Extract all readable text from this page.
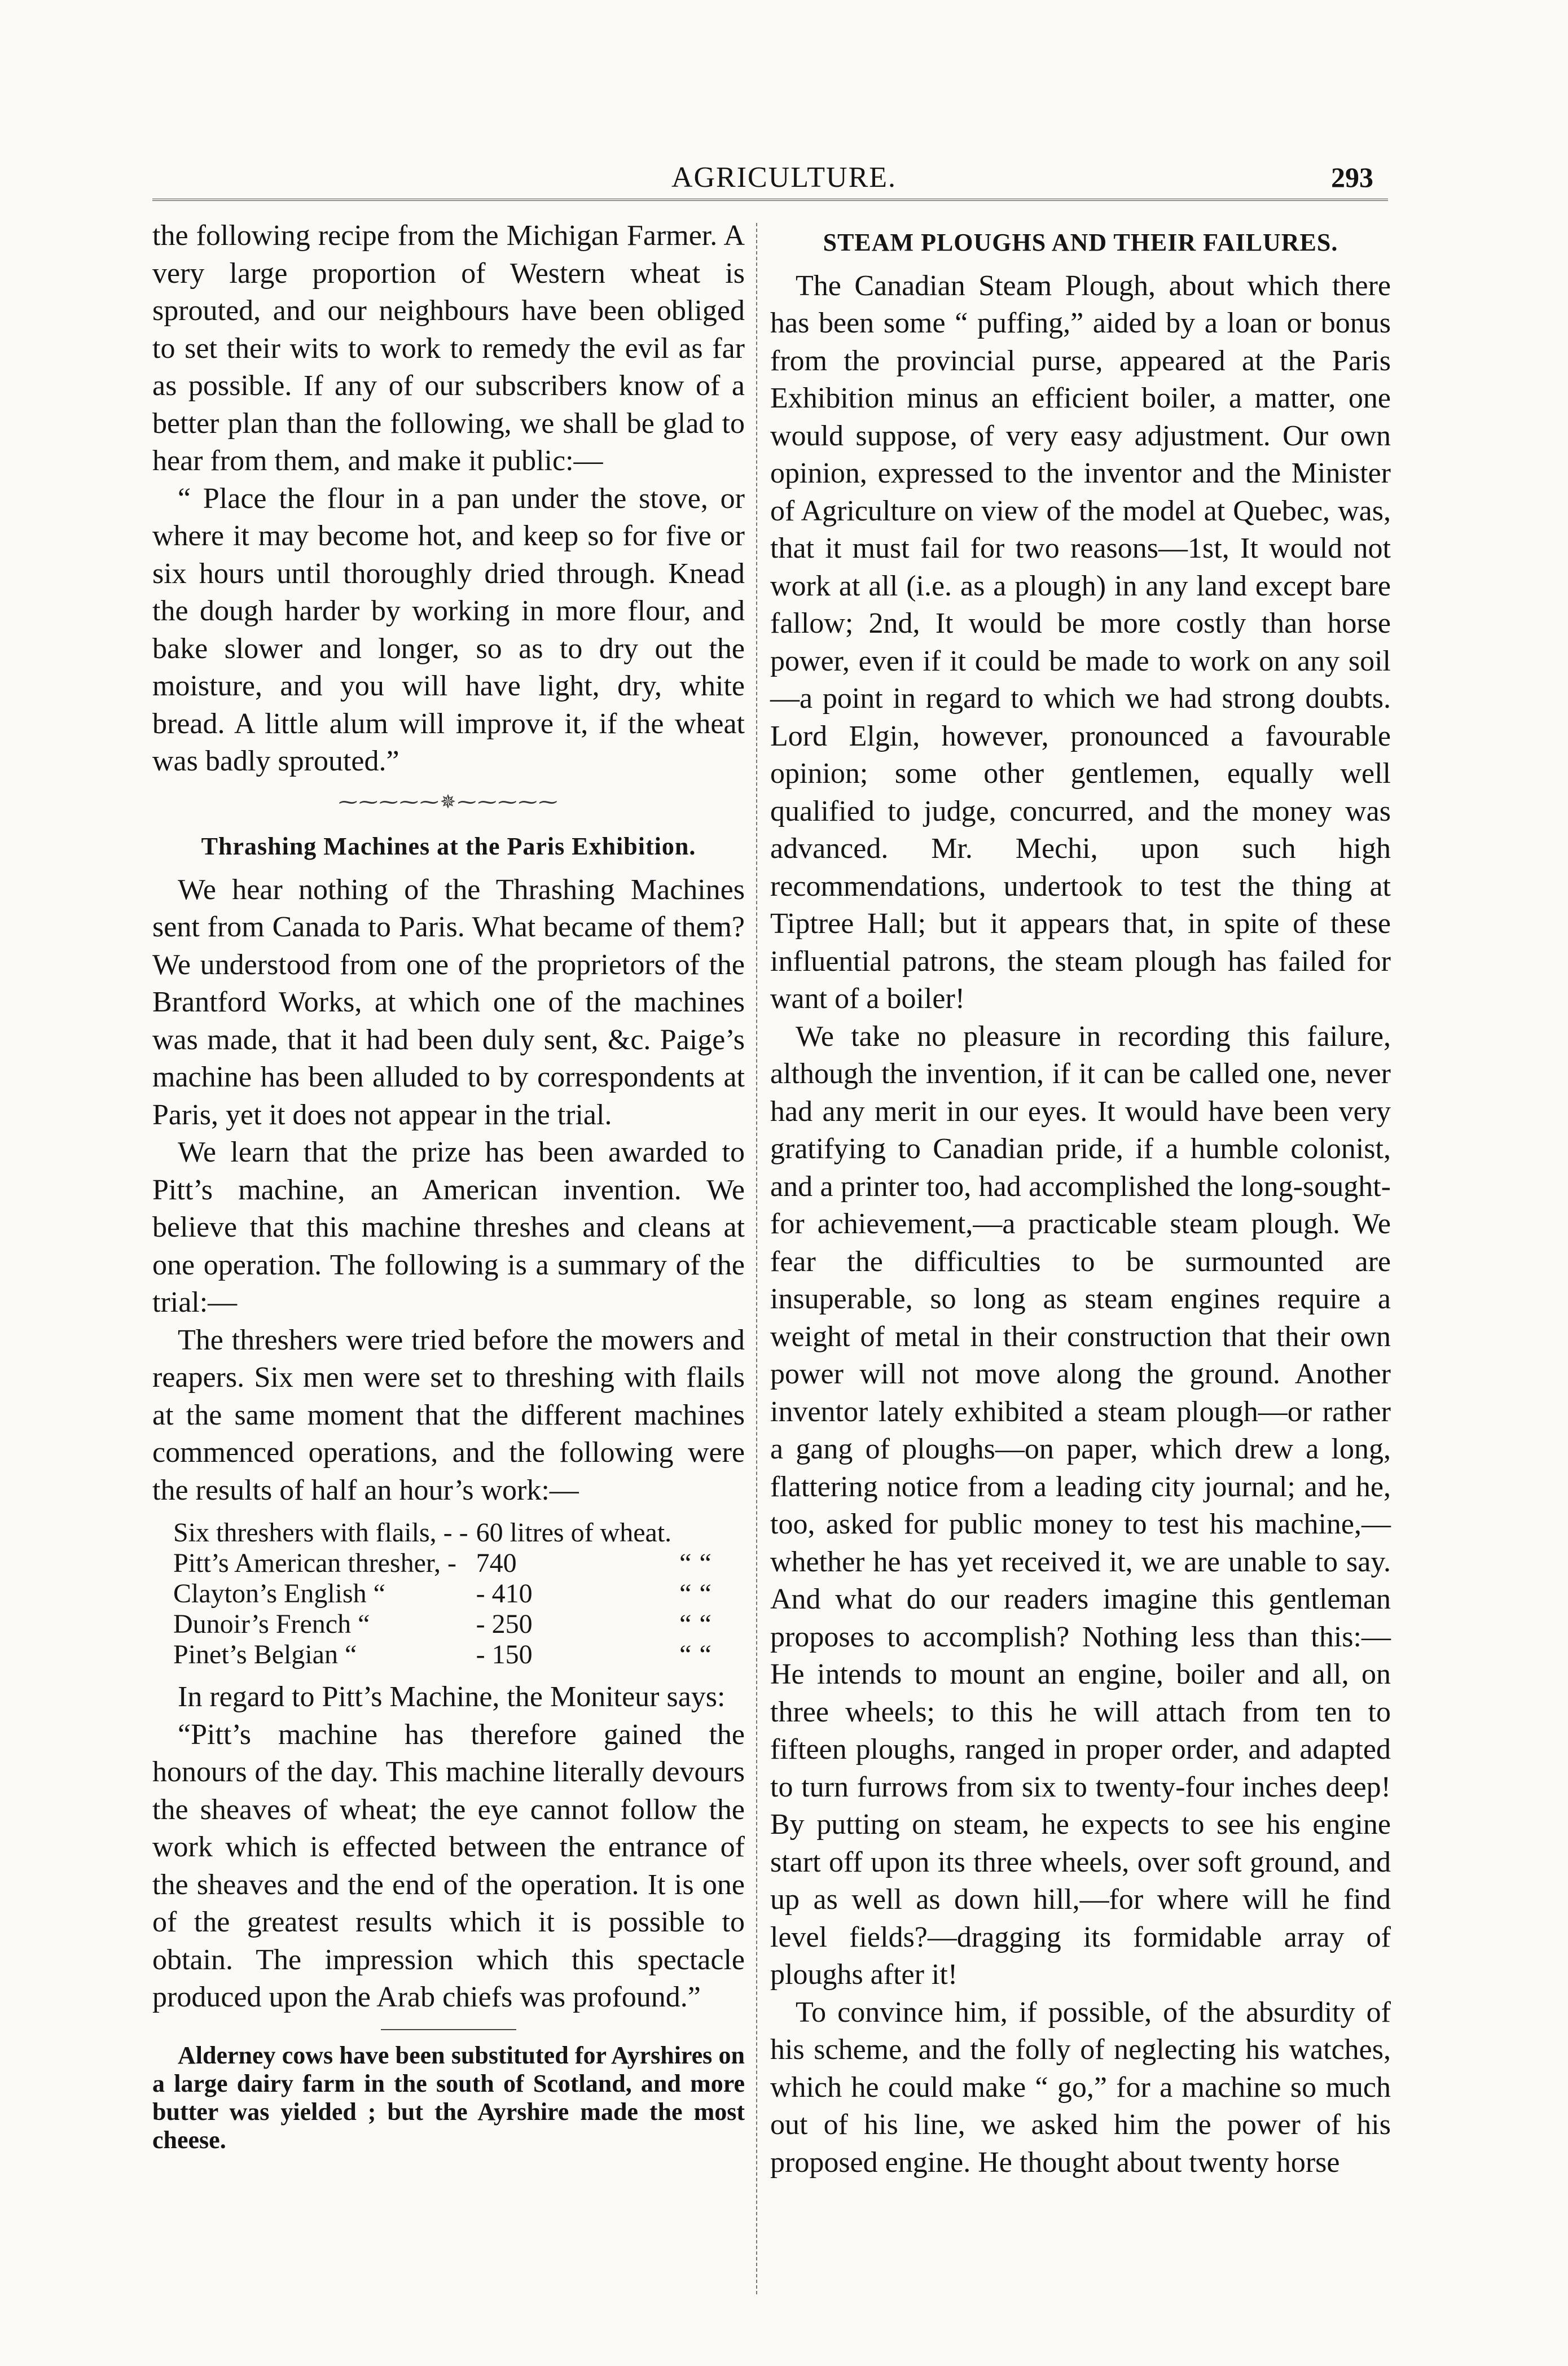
AGRICULTURE.	293

the following recipe from the Michigan Farmer. A very large proportion of Western wheat is sprouted, and our neighbours have been obliged to set their wits to work to remedy the evil as far as possible. If any of our subscribers know of a better plan than the following, we shall be glad to hear from them, and make it public:—

“ Place the flour in a pan under the stove, or where it may become hot, and keep so for five or six hours until thoroughly dried through. Knead the dough harder by working in more flour, and bake slower and longer, so as to dry out the moisture, and you will have light, dry, white bread. A little alum will improve it, if the wheat was badly sprouted.”

⁓⁓⁓⁓⁓✵⁓⁓⁓⁓⁓
Thrashing Machines at the Paris Exhibition.

We hear nothing of the Thrashing Machines sent from Canada to Paris. What became of them? We understood from one of the proprietors of the Brantford Works, at which one of the machines was made, that it had been duly sent, &c. Paige’s machine has been alluded to by correspondents at Paris, yet it does not appear in the trial.

We learn that the prize has been awarded to Pitt’s machine, an American invention. We believe that this machine threshes and cleans at one operation. The following is a summary of the trial:—

The threshers were tried before the mowers and reapers. Six men were set to threshing with flails at the same moment that the different machines commenced operations, and the following were the results of half an hour’s work:—

Six threshers with flails, - -	60 litres of wheat.		
Pitt’s American thresher, -	740	“	“
Clayton’s English “	- 410	“	“
Dunoir’s French “	- 250	“	“
Pinet’s Belgian “	- 150	“	“

In regard to Pitt’s Machine, the Moniteur says:

“Pitt’s machine has therefore gained the honours of the day. This machine literally devours the sheaves of wheat; the eye cannot follow the work which is effected between the entrance of the sheaves and the end of the operation. It is one of the greatest results which it is possible to obtain. The impression which this spectacle produced upon the Arab chiefs was profound.”

Alderney cows have been substituted for Ayrshires on a large dairy farm in the south of Scotland, and more butter was yielded ; but the Ayrshire made the most cheese.

STEAM PLOUGHS AND THEIR FAILURES.

The Canadian Steam Plough, about which there has been some “ puffing,” aided by a loan or bonus from the provincial purse, appeared at the Paris Exhibition minus an efficient boiler, a matter, one would suppose, of very easy adjustment. Our own opinion, expressed to the inventor and the Minister of Agriculture on view of the model at Quebec, was, that it must fail for two reasons—1st, It would not work at all (i.e. as a plough) in any land except bare fallow; 2nd, It would be more costly than horse power, even if it could be made to work on any soil—a point in regard to which we had strong doubts. Lord Elgin, however, pronounced a favourable opinion; some other gentlemen, equally well qualified to judge, concurred, and the money was advanced. Mr. Mechi, upon such high recommendations, undertook to test the thing at Tiptree Hall; but it appears that, in spite of these influential patrons, the steam plough has failed for want of a boiler!

We take no pleasure in recording this failure, although the invention, if it can be called one, never had any merit in our eyes. It would have been very gratifying to Canadian pride, if a humble colonist, and a printer too, had accomplished the long-sought-for achievement,—a practicable steam plough. We fear the difficulties to be surmounted are insuperable, so long as steam engines require a weight of metal in their construction that their own power will not move along the ground. Another inventor lately exhibited a steam plough—or rather a gang of ploughs—on paper, which drew a long, flattering notice from a leading city journal; and he, too, asked for public money to test his machine,—whether he has yet received it, we are unable to say. And what do our readers imagine this gentleman proposes to accomplish? Nothing less than this:—He intends to mount an engine, boiler and all, on three wheels; to this he will attach from ten to fifteen ploughs, ranged in proper order, and adapted to turn furrows from six to twenty-four inches deep! By putting on steam, he expects to see his engine start off upon its three wheels, over soft ground, and up as well as down hill,—for where will he find level fields?—dragging its formidable array of ploughs after it!

To convince him, if possible, of the absurdity of his scheme, and the folly of neglecting his watches, which he could make “ go,” for a machine so much out of his line, we asked him the power of his proposed engine. He thought about twenty horse
